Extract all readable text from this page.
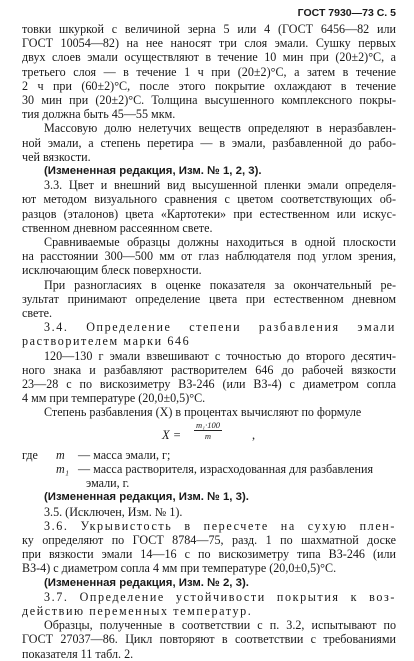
ГОСТ 7930—73 С. 5
товки шкуркой с величиной зерна 5 или 4 (ГОСТ 6456—82 или
ГОСТ 10054—82) на нее наносят три слоя эмали. Сушку первых
двух слоев эмали осуществляют в течение 10 мин при (20±2)°С, а
третьего слоя — в течение 1 ч при (20±2)°С, а затем в течение
2 ч при (60±2)°С, после этого покрытие охлаждают в течение
30 мин при (20±2)°С. Толщина высушенного комплексного покры-
тия должна быть 45—55 мкм.
Массовую долю нелетучих веществ определяют в неразбавлен-
ной эмали, а степень перетира — в эмали, разбавленной до рабо-
чей вязкости.
(Измененная редакция, Изм. № 1, 2, 3).
3.3. Цвет и внешний вид высушенной пленки эмали определя-
ют методом визуального сравнения с цветом соответствующих об-
разцов (эталонов) цвета «Картотеки» при естественном или искус-
ственном дневном рассеянном свете.
Сравниваемые образцы должны находиться в одной плоскости
на расстоянии 300—500 мм от глаз наблюдателя под углом зрения,
исключающим блеск поверхности.
При разногласиях в оценке показателя за окончательный ре-
зультат принимают определение цвета при естественном дневном
свете.
3.4. Определение степени разбавления эмали
растворителем марки 646
120—130 г эмали взвешивают с точностью до второго десятич-
ного знака и разбавляют растворителем 646 до рабочей вязкости
23—28 с по вискозиметру ВЗ-246 (или ВЗ-4) с диаметром сопла
4 мм при температуре (20,0±0,5)°С.
Степень разбавления (X) в процентах вычисляют по формуле
$X = \frac{\text{m₁·100}}{m}$ ,
где	m	— масса эмали, г;
m₁ — масса растворителя, израсходованная для разбавления
эмали, г.
(Измененная редакция, Изм. № 1, 3).
3.5. (Исключен, Изм. № 1).
3.6. Укрывистость в пересчете на сухую плен-
ку определяют по ГОСТ 8784—75, разд. 1 по шахматной доске
при вязкости эмали 14—16 с по вискозиметру типа ВЗ-246 (или
ВЗ-4) с диаметром сопла 4 мм при температуре (20,0±0,5)°С.
(Измененная редакция, Изм. № 2, 3).
3.7. Определение устойчивости покрытия к воз-
действию переменных температур.
Образцы, полученные в соответствии с п. 3.2, испытывают по
ГОСТ 27037—86. Цикл повторяют в соответствии с требованиями
показателя 11 табл. 2.
